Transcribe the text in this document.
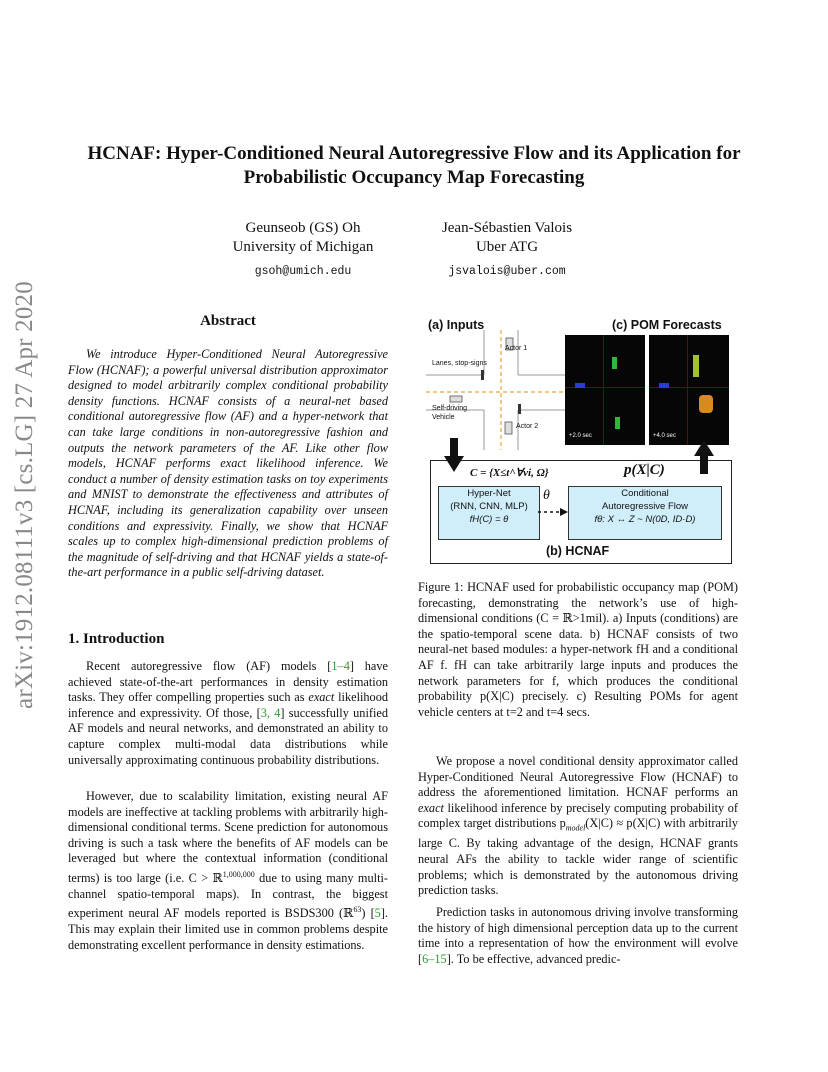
HCNAF: Hyper-Conditioned Neural Autoregressive Flow and its Application for
Probabilistic Occupancy Map Forecasting
Geunseob (GS) Oh
University of Michigan
gsoh@umich.edu
Jean-Sébastien Valois
Uber ATG
jsvalois@uber.com
arXiv:1912.08111v3 [cs.LG] 27 Apr 2020	Abstract
We introduce Hyper-Conditioned Neural Autoregressive Flow (HCNAF); a powerful universal distribution approximator designed to model arbitrarily complex conditional probability density functions. HCNAF consists of a neural-net based conditional autoregressive flow (AF) and a hyper-network that can take large conditions in non-autoregressive fashion and outputs the network parameters of the AF. Like other flow models, HCNAF performs exact likelihood inference. We conduct a number of density estimation tasks on toy experiments and MNIST to demonstrate the effectiveness and attributes of HCNAF, including its generalization capability over unseen conditions and expressivity. Finally, we show that HCNAF scales up to complex high-dimensional prediction problems of the magnitude of self-driving and that HCNAF yields a state-of-the-art performance in a public self-driving dataset.
1. Introduction
Recent autoregressive flow (AF) models [1–4] have achieved state-of-the-art performances in density estimation tasks. They offer compelling properties such as exact likelihood inference and expressivity. Of those, [3, 4] successfully unified AF models and neural networks, and demonstrated an ability to capture complex multi-modal data distributions while universally approximating continuous probability distributions.
However, due to scalability limitation, existing neural AF models are ineffective at tackling problems with arbitrarily high-dimensional conditional terms. Scene prediction for autonomous driving is such a task where the benefits of AF models can be leveraged but where the contextual information (conditional terms) is too large (i.e. C > ℝ$^{1,000,000}$ due to using many multi-channel spatio-temporal maps). In contrast, the biggest experiment neural AF models reported is BSDS300 (ℝ$^{63}$) [5]. This may explain their limited use in common problems despite demonstrating excellent performance in density estimations.
(a) Inputs	(c) POM Forecasts
Actor 1
Actor 2
Lanes, stop-signs
Self-driving Vehicle
+2.0 sec	+4.0 sec
C = {X≤t^∀vi, Ω}	p(X|C)
Hyper-Net
(RNN, CNN, MLP)
fH(C) = θ
Conditional
Autoregressive Flow
fθ: X ↔ Z ~ N(0D, ID·D)
θ
(b) HCNAF
Figure 1: HCNAF used for probabilistic occupancy map (POM) forecasting, demonstrating the network’s use of high-dimensional conditions (C = ℝ>1mil). a) Inputs (conditions) are the spatio-temporal scene data. b) HCNAF consists of two neural-net based modules: a hyper-network fH and a conditional AF f. fH can take arbitrarily large inputs and produces the network parameters for f, which produces the conditional probability p(X|C) precisely. c) Resulting POMs for agent vehicle centers at t=2 and t=4 secs.
We propose a novel conditional density approximator called Hyper-Conditioned Neural Autoregressive Flow (HCNAF) to address the aforementioned limitation. HCNAF performs an exact likelihood inference by precisely computing probability of complex target distributions $p_{model}(X|C) \approx p(X|C)$ with arbitrarily large C. By taking advantage of the design, HCNAF grants neural AFs the ability to tackle wider range of scientific problems; which is demonstrated by the autonomous driving prediction tasks.
Prediction tasks in autonomous driving involve transforming the history of high dimensional perception data up to the current time into a representation of how the environment will evolve [6–15]. To be effective, advanced predic-
